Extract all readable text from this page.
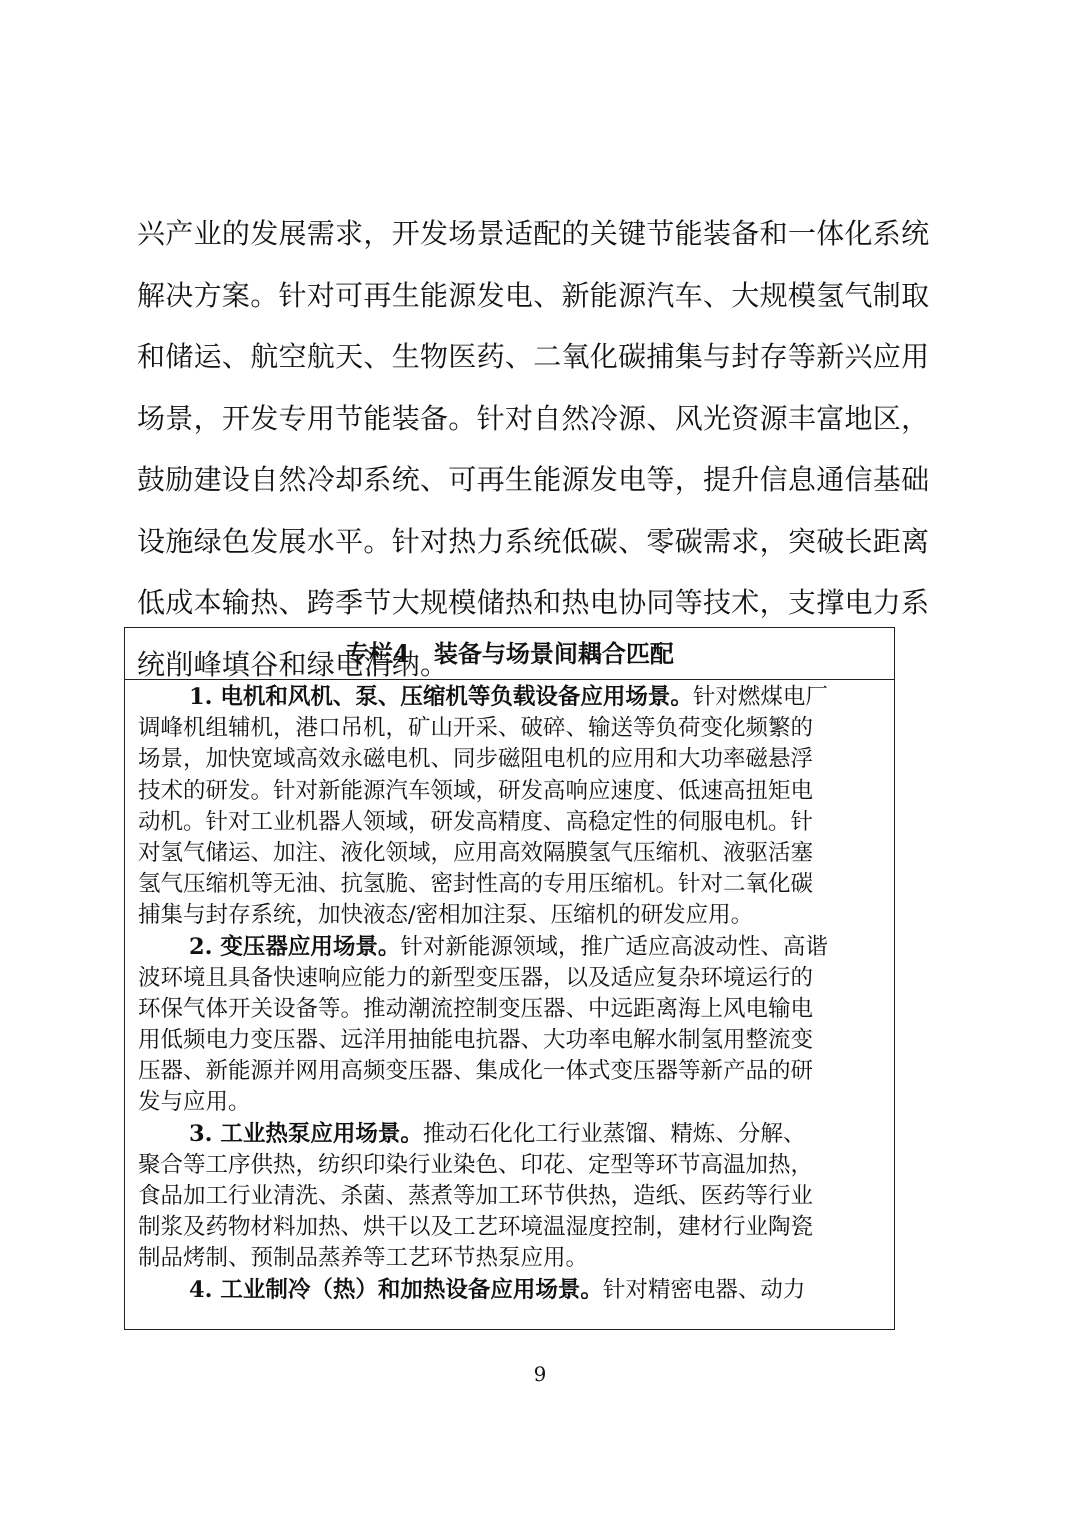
兴产业的发展需求，开发场景适配的关键节能装备和一体化系统
解决方案。针对可再生能源发电、新能源汽车、大规模氢气制取
和储运、航空航天、生物医药、二氧化碳捕集与封存等新兴应用
场景，开发专用节能装备。针对自然冷源、风光资源丰富地区，
鼓励建设自然冷却系统、可再生能源发电等，提升信息通信基础
设施绿色发展水平。针对热力系统低碳、零碳需求，突破长距离
低成本输热、跨季节大规模储热和热电协同等技术，支撑电力系
统削峰填谷和绿电消纳。
专栏4　装备与场景间耦合匹配
1. 电机和风机、泵、压缩机等负载设备应用场景。针对燃煤电厂
调峰机组辅机，港口吊机，矿山开采、破碎、输送等负荷变化频繁的
场景，加快宽域高效永磁电机、同步磁阻电机的应用和大功率磁悬浮
技术的研发。针对新能源汽车领域，研发高响应速度、低速高扭矩电
动机。针对工业机器人领域，研发高精度、高稳定性的伺服电机。针
对氢气储运、加注、液化领域，应用高效隔膜氢气压缩机、液驱活塞
氢气压缩机等无油、抗氢脆、密封性高的专用压缩机。针对二氧化碳
捕集与封存系统，加快液态/密相加注泵、压缩机的研发应用。
2. 变压器应用场景。针对新能源领域，推广适应高波动性、高谐
波环境且具备快速响应能力的新型变压器，以及适应复杂环境运行的
环保气体开关设备等。推动潮流控制变压器、中远距离海上风电输电
用低频电力变压器、远洋用抽能电抗器、大功率电解水制氢用整流变
压器、新能源并网用高频变压器、集成化一体式变压器等新产品的研
发与应用。
3. 工业热泵应用场景。推动石化化工行业蒸馏、精炼、分解、
聚合等工序供热，纺织印染行业染色、印花、定型等环节高温加热，
食品加工行业清洗、杀菌、蒸煮等加工环节供热，造纸、医药等行业
制浆及药物材料加热、烘干以及工艺环境温湿度控制，建材行业陶瓷
制品烤制、预制品蒸养等工艺环节热泵应用。
4. 工业制冷（热）和加热设备应用场景。针对精密电器、动力
9
